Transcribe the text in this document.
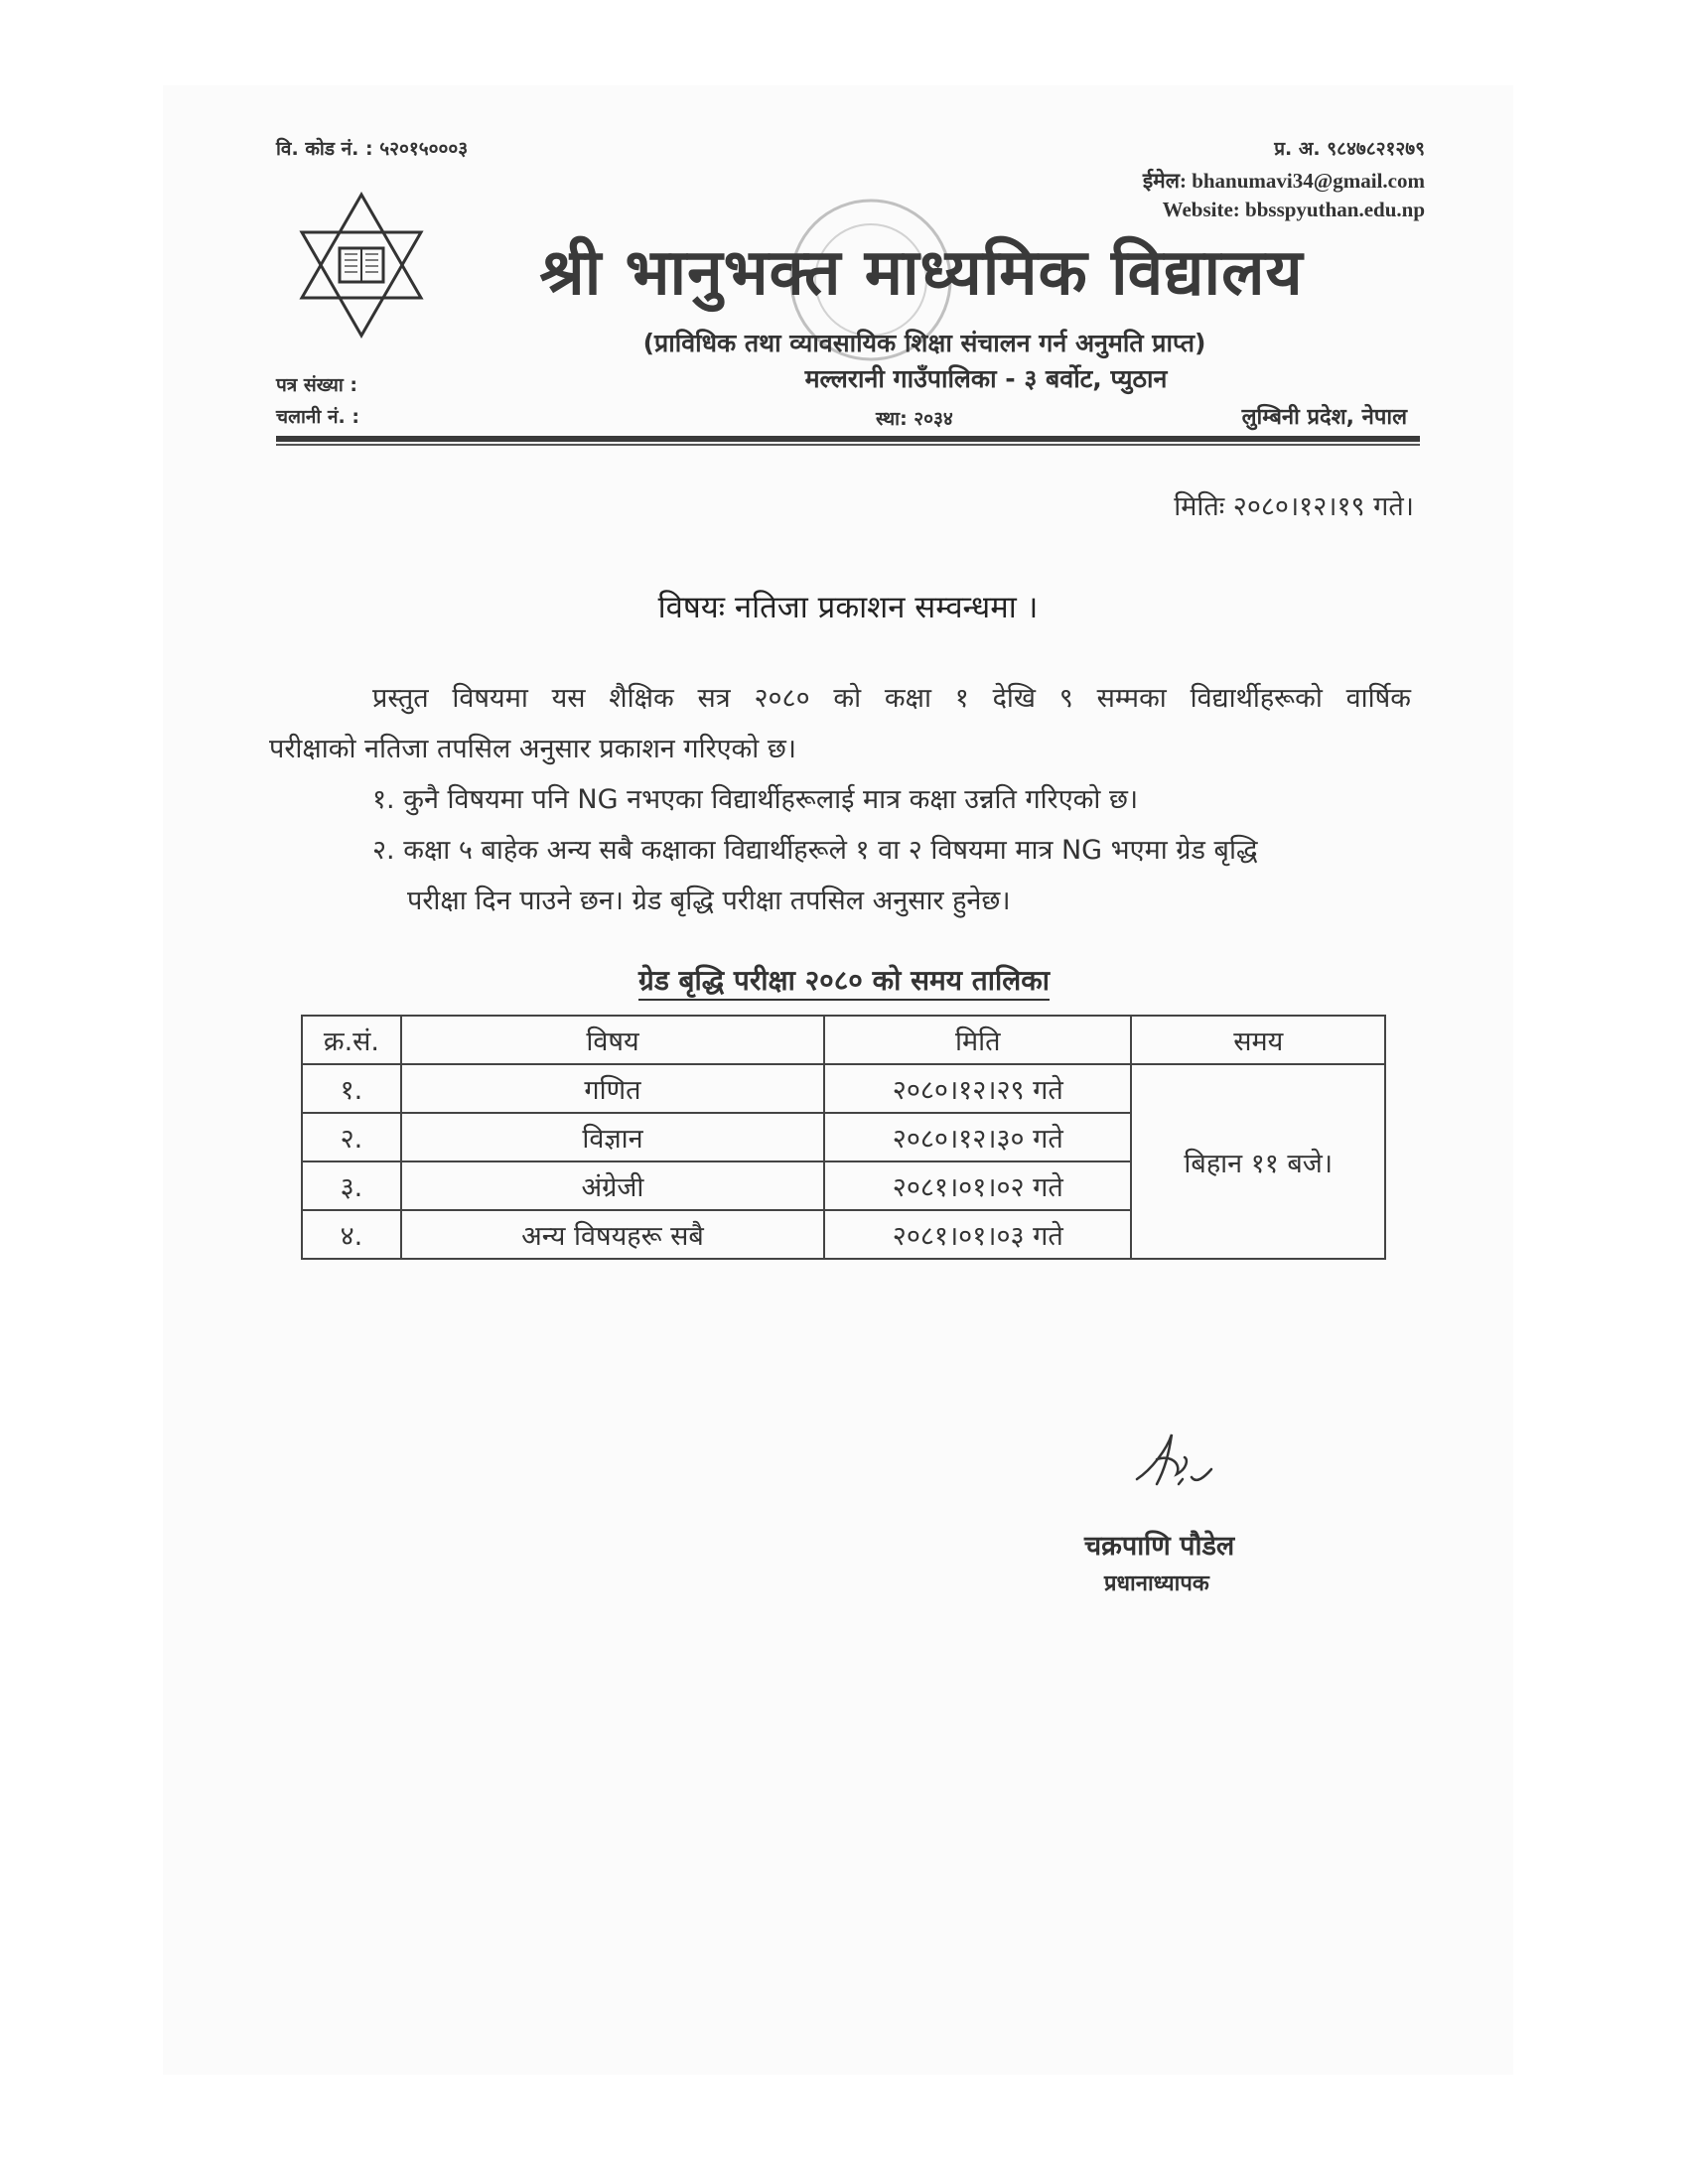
वि. कोड नं. : ५२०१५०००३	प्र. अ. ९८४७८२१२७९
ईमेल: bhanumavi34@gmail.com
Website: bbsspyuthan.edu.np
श्री भानुभक्त माध्यमिक विद्यालय
(प्राविधिक तथा व्यावसायिक शिक्षा संचालन गर्न अनुमति प्राप्त)
मल्लरानी गाउँपालिका - ३ बर्वोट, प्युठान
पत्र संख्या :
चलानी नं. :	स्था: २०३४	लुम्बिनी प्रदेश, नेपाल
मितिः २०८०।१२।१९ गते।
विषयः नतिजा प्रकाशन सम्वन्धमा ।
प्रस्तुत विषयमा यस शैक्षिक सत्र २०८० को कक्षा १ देखि ९ सम्मका विद्यार्थीहरूको वार्षिक
परीक्षाको नतिजा तपसिल अनुसार प्रकाशन गरिएको छ।
१. कुनै विषयमा पनि NG नभएका विद्यार्थीहरूलाई मात्र कक्षा उन्नति गरिएको छ।
२. कक्षा ५ बाहेक अन्य सबै कक्षाका विद्यार्थीहरूले १ वा २ विषयमा मात्र NG भएमा ग्रेड बृद्धि
परीक्षा दिन पाउने छन। ग्रेड बृद्धि परीक्षा तपसिल अनुसार हुनेछ।
ग्रेड बृद्धि परीक्षा २०८० को समय तालिका
क्र.सं.	विषय	मिति	समय
१.	गणित	२०८०।१२।२९ गते	बिहान ११ बजे।
२.	विज्ञान	२०८०।१२।३० गते	
३.	अंग्रेजी	२०८१।०१।०२ गते	
४.	अन्य विषयहरू सबै	२०८१।०१।०३ गते	
चक्रपाणि पौडेल
प्रधानाध्यापक
